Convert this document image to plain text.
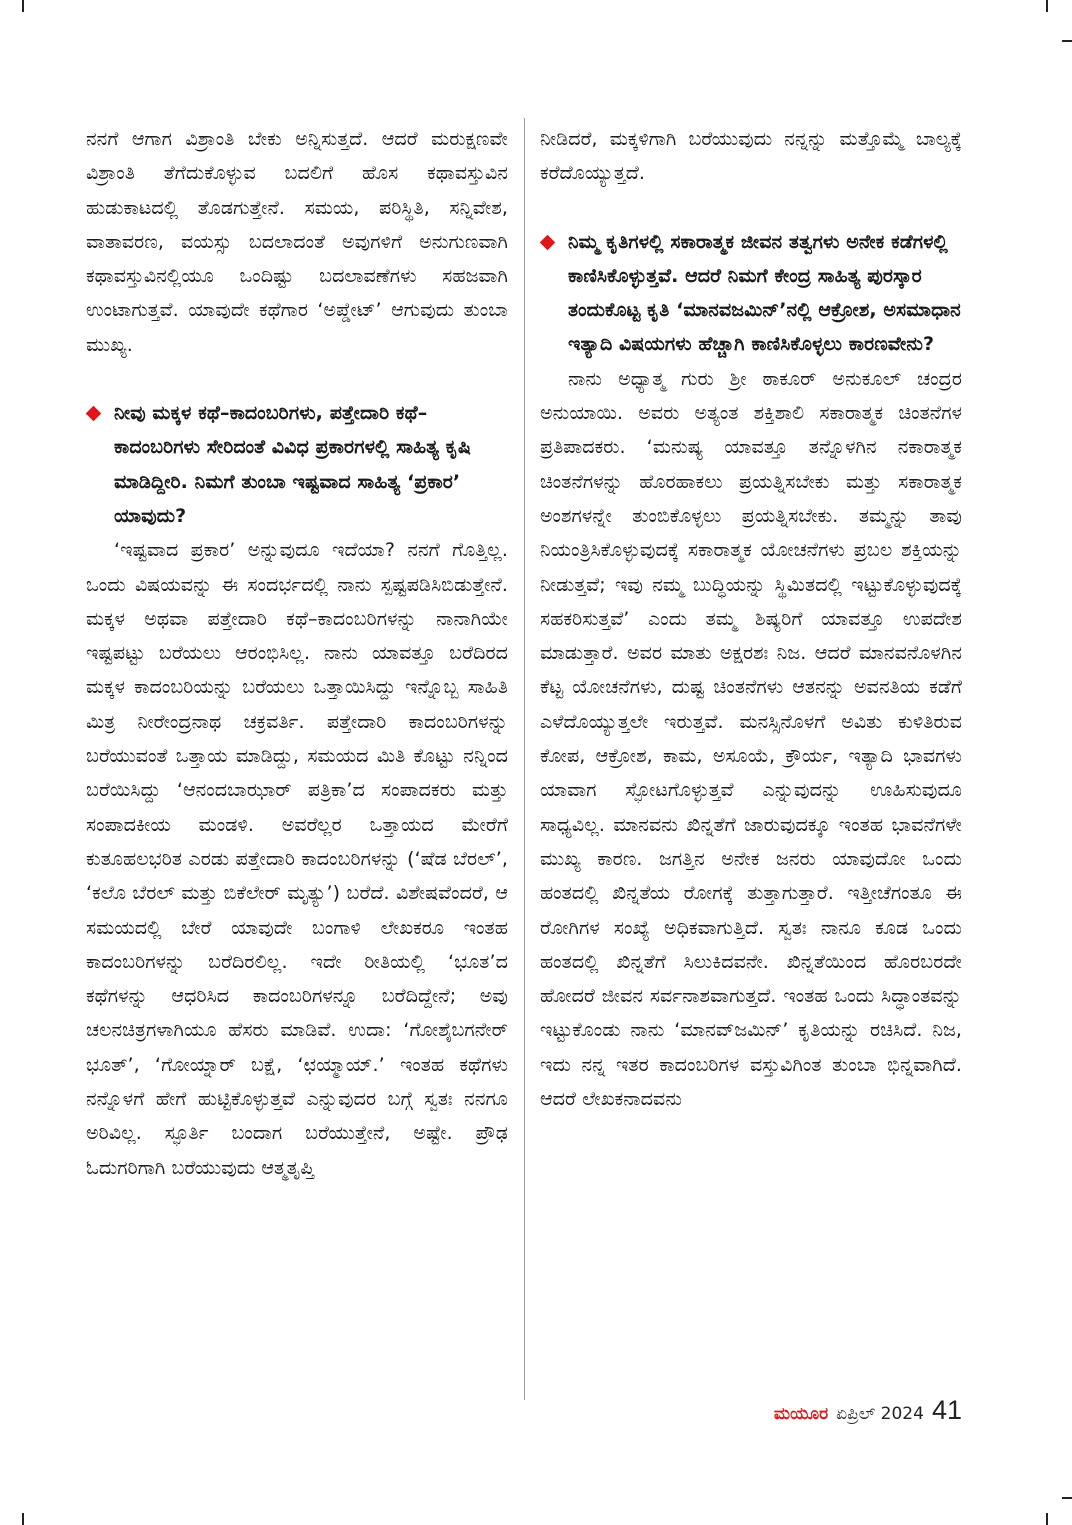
ನನಗೆ ಆಗಾಗ ವಿಶ್ರಾಂತಿ ಬೇಕು ಅನ್ನಿಸುತ್ತದೆ. ಆದರೆ ಮರುಕ್ಷಣವೇ ವಿಶ್ರಾಂತಿ ತೆಗೆದುಕೊಳ್ಳುವ ಬದಲಿಗೆ ಹೊಸ ಕಥಾವಸ್ತುವಿನ ಹುಡುಕಾಟದಲ್ಲಿ ತೊಡಗುತ್ತೇನೆ. ಸಮಯ, ಪರಿಸ್ಥಿತಿ, ಸನ್ನಿವೇಶ, ವಾತಾವರಣ, ವಯಸ್ಸು ಬದಲಾದಂತೆ ಅವುಗಳಿಗೆ ಅನುಗುಣವಾಗಿ ಕಥಾವಸ್ತುವಿನಲ್ಲಿಯೂ ಒಂದಿಷ್ಟು ಬದಲಾವಣೆಗಳು ಸಹಜವಾಗಿ ಉಂಟಾಗುತ್ತವೆ. ಯಾವುದೇ ಕಥೆಗಾರ ‘ಅಪ್ಡೇಟ್’ ಆಗುವುದು ತುಂಬಾ ಮುಖ್ಯ.

ನೀವು ಮಕ್ಕಳ ಕಥೆ–ಕಾದಂಬರಿಗಳು, ಪತ್ತೇದಾರಿ ಕಥೆ–ಕಾದಂಬರಿಗಳು ಸೇರಿದಂತೆ ವಿವಿಧ ಪ್ರಕಾರಗಳಲ್ಲಿ ಸಾಹಿತ್ಯ ಕೃಷಿ ಮಾಡಿದ್ದೀರಿ. ನಿಮಗೆ ತುಂಬಾ ಇಷ್ಟವಾದ ಸಾಹಿತ್ಯ ‘ಪ್ರಕಾರ’ ಯಾವುದು?

‘ಇಷ್ಟವಾದ ಪ್ರಕಾರ’ ಅನ್ನುವುದೂ ಇದೆಯಾ? ನನಗೆ ಗೊತ್ತಿಲ್ಲ. ಒಂದು ವಿಷಯವನ್ನು ಈ ಸಂದರ್ಭದಲ್ಲಿ ನಾನು ಸ್ಪಷ್ಟಪಡಿಸಿಬಿಡುತ್ತೇನೆ. ಮಕ್ಕಳ ಅಥವಾ ಪತ್ತೇದಾರಿ ಕಥೆ–ಕಾದಂಬರಿಗಳನ್ನು ನಾನಾಗಿಯೇ ಇಷ್ಟಪಟ್ಟು ಬರೆಯಲು ಆರಂಭಿಸಿಲ್ಲ. ನಾನು ಯಾವತ್ತೂ ಬರೆದಿರದ ಮಕ್ಕಳ ಕಾದಂಬರಿಯನ್ನು ಬರೆಯಲು ಒತ್ತಾಯಿಸಿದ್ದು ಇನ್ನೊಬ್ಬ ಸಾಹಿತಿ ಮಿತ್ರ ನೀರೇಂದ್ರನಾಥ ಚಕ್ರವರ್ತಿ. ಪತ್ತೇದಾರಿ ಕಾದಂಬರಿಗಳನ್ನು ಬರೆಯುವಂತೆ ಒತ್ತಾಯ ಮಾಡಿದ್ದು, ಸಮಯದ ಮಿತಿ ಕೊಟ್ಟು ನನ್ನಿಂದ ಬರೆಯಿಸಿದ್ದು ‘ಆನಂದಬಾಝಾರ್ ಪತ್ರಿಕಾ’ದ ಸಂಪಾದಕರು ಮತ್ತು ಸಂಪಾದಕೀಯ ಮಂಡಳಿ. ಅವರೆಲ್ಲರ ಒತ್ತಾಯದ ಮೇರೆಗೆ ಕುತೂಹಲಭರಿತ ಎರಡು ಪತ್ತೇದಾರಿ ಕಾದಂಬರಿಗಳನ್ನು (‘ಷೆಡ ಬೆರಲ್’, ‘ಕಲೊ ಬೆರಲ್ ಮತ್ತು ಬಿಕೆಲೇರ್ ಮೃತ್ಯು’) ಬರೆದೆ. ವಿಶೇಷವೆಂದರೆ, ಆ ಸಮಯದಲ್ಲಿ ಬೇರೆ ಯಾವುದೇ ಬಂಗಾಳಿ ಲೇಖಕರೂ ಇಂತಹ ಕಾದಂಬರಿಗಳನ್ನು ಬರೆದಿರಲಿಲ್ಲ. ಇದೇ ರೀತಿಯಲ್ಲಿ ‘ಭೂತ’ದ ಕಥೆಗಳನ್ನು ಆಧರಿಸಿದ ಕಾದಂಬರಿಗಳನ್ನೂ ಬರೆದಿದ್ದೇನೆ; ಅವು ಚಲನಚಿತ್ರಗಳಾಗಿಯೂ ಹೆಸರು ಮಾಡಿವೆ. ಉದಾ: ‘ಗೋಶೈಬಗನೇರ್ ಭೂತ್’, ‘ಗೋಯ್ನಾರ್ ಬಕ್ಷೆ, ‘ಛಯ್ಮಾಯ್.’ ಇಂತಹ ಕಥೆಗಳು ನನ್ನೊಳಗೆ ಹೇಗೆ ಹುಟ್ಟಿಕೊಳ್ಳುತ್ತವೆ ಎನ್ನುವುದರ ಬಗ್ಗೆ ಸ್ವತಃ ನನಗೂ ಅರಿವಿಲ್ಲ. ಸ್ಫೂರ್ತಿ ಬಂದಾಗ ಬರೆಯುತ್ತೇನೆ, ಅಷ್ಟೇ. ಪ್ರೌಢ ಓದುಗರಿಗಾಗಿ ಬರೆಯುವುದು ಆತ್ಮತೃಪ್ತಿ

ನೀಡಿದರೆ, ಮಕ್ಕಳಿಗಾಗಿ ಬರೆಯುವುದು ನನ್ನನ್ನು ಮತ್ತೊಮ್ಮೆ ಬಾಲ್ಯಕ್ಕೆ ಕರೆದೊಯ್ಯುತ್ತದೆ.

ನಿಮ್ಮ ಕೃತಿಗಳಲ್ಲಿ ಸಕಾರಾತ್ಮಕ ಜೀವನ ತತ್ವಗಳು ಅನೇಕ ಕಡೆಗಳಲ್ಲಿ ಕಾಣಿಸಿಕೊಳ್ಳುತ್ತವೆ. ಆದರೆ ನಿಮಗೆ ಕೇಂದ್ರ ಸಾಹಿತ್ಯ ಪುರಸ್ಕಾರ ತಂದುಕೊಟ್ಟ ಕೃತಿ ‘ಮಾನವಜಮಿನ್’ನಲ್ಲಿ ಆಕ್ರೋಶ, ಅಸಮಾಧಾನ ಇತ್ಯಾದಿ ವಿಷಯಗಳು ಹೆಚ್ಚಾಗಿ ಕಾಣಿಸಿಕೊಳ್ಳಲು ಕಾರಣವೇನು?

ನಾನು ಅಧ್ಯಾತ್ಮ ಗುರು ಶ್ರೀ ಠಾಕೂರ್ ಅನುಕೂಲ್ ಚಂದ್ರರ ಅನುಯಾಯಿ. ಅವರು ಅತ್ಯಂತ ಶಕ್ತಿಶಾಲಿ ಸಕಾರಾತ್ಮಕ ಚಿಂತನೆಗಳ ಪ್ರತಿಪಾದಕರು. ‘ಮನುಷ್ಯ ಯಾವತ್ತೂ ತನ್ನೊಳಗಿನ ನಕಾರಾತ್ಮಕ ಚಿಂತನೆಗಳನ್ನು ಹೊರಹಾಕಲು ಪ್ರಯತ್ನಿಸಬೇಕು ಮತ್ತು ಸಕಾರಾತ್ಮಕ ಅಂಶಗಳನ್ನೇ ತುಂಬಿಕೊಳ್ಳಲು ಪ್ರಯತ್ನಿಸಬೇಕು. ತಮ್ಮನ್ನು ತಾವು ನಿಯಂತ್ರಿಸಿಕೊಳ್ಳುವುದಕ್ಕೆ ಸಕಾರಾತ್ಮಕ ಯೋಚನೆಗಳು ಪ್ರಬಲ ಶಕ್ತಿಯನ್ನು ನೀಡುತ್ತವೆ; ಇವು ನಮ್ಮ ಬುದ್ಧಿಯನ್ನು ಸ್ಥಿಮಿತದಲ್ಲಿ ಇಟ್ಟುಕೊಳ್ಳುವುದಕ್ಕೆ ಸಹಕರಿಸುತ್ತವೆ’ ಎಂದು ತಮ್ಮ ಶಿಷ್ಯರಿಗೆ ಯಾವತ್ತೂ ಉಪದೇಶ ಮಾಡುತ್ತಾರೆ. ಅವರ ಮಾತು ಅಕ್ಷರಶಃ ನಿಜ. ಆದರೆ ಮಾನವನೊಳಗಿನ ಕೆಟ್ಟ ಯೋಚನೆಗಳು, ದುಷ್ಟ ಚಿಂತನೆಗಳು ಆತನನ್ನು ಅವನತಿಯ ಕಡೆಗೆ ಎಳೆದೊಯ್ಯುತ್ತಲೇ ಇರುತ್ತವೆ. ಮನಸ್ಸಿನೊಳಗೆ ಅವಿತು ಕುಳಿತಿರುವ ಕೋಪ, ಆಕ್ರೋಶ, ಕಾಮ, ಅಸೂಯೆ, ಕ್ರೌರ್ಯ, ಇತ್ಯಾದಿ ಭಾವಗಳು ಯಾವಾಗ ಸ್ಫೋಟಗೊಳ್ಳುತ್ತವೆ ಎನ್ನುವುದನ್ನು ಊಹಿಸುವುದೂ ಸಾಧ್ಯವಿಲ್ಲ. ಮಾನವನು ಖಿನ್ನತೆಗೆ ಜಾರುವುದಕ್ಕೂ ಇಂತಹ ಭಾವನೆಗಳೇ ಮುಖ್ಯ ಕಾರಣ. ಜಗತ್ತಿನ ಅನೇಕ ಜನರು ಯಾವುದೋ ಒಂದು ಹಂತದಲ್ಲಿ ಖಿನ್ನತೆಯ ರೋಗಕ್ಕೆ ತುತ್ತಾಗುತ್ತಾರೆ. ಇತ್ತೀಚೆಗಂತೂ ಈ ರೋಗಿಗಳ ಸಂಖ್ಯೆ ಅಧಿಕವಾಗುತ್ತಿದೆ. ಸ್ವತಃ ನಾನೂ ಕೂಡ ಒಂದು ಹಂತದಲ್ಲಿ ಖಿನ್ನತೆಗೆ ಸಿಲುಕಿದವನೇ. ಖಿನ್ನತೆಯಿಂದ ಹೊರಬರದೇ ಹೋದರೆ ಜೀವನ ಸರ್ವನಾಶವಾಗುತ್ತದೆ. ಇಂತಹ ಒಂದು ಸಿದ್ಧಾಂತವನ್ನು ಇಟ್ಟುಕೊಂಡು ನಾನು ‘ಮಾನವ್‌ಜಮಿನ್’ ಕೃತಿಯನ್ನು ರಚಿಸಿದೆ. ನಿಜ, ಇದು ನನ್ನ ಇತರ ಕಾದಂಬರಿಗಳ ವಸ್ತುವಿಗಿಂತ ತುಂಬಾ ಭಿನ್ನವಾಗಿದೆ. ಆದರೆ ಲೇಖಕನಾದವನು

ಮಯೂರ ಏಪ್ರಿಲ್ 2024 41
